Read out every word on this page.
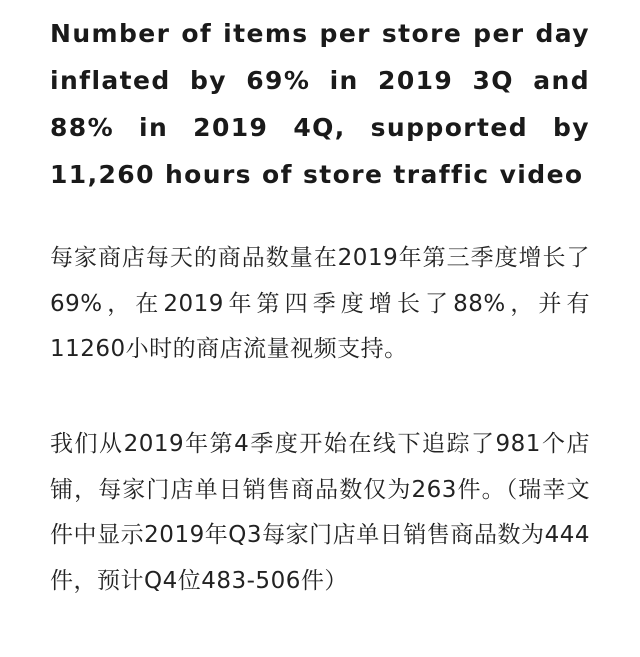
Number of items per store per day inflated by 69% in 2019 3Q and 88% in 2019 4Q, supported by 11,260 hours of store traffic video

每家商店每天的商品数量在2019年第三季度增长了69%，在2019年第四季度增长了88%，并有11260小时的商店流量视频支持。

我们从2019年第4季度开始在线下追踪了981个店铺，每家门店单日销售商品数仅为263件。（瑞幸文件中显示2019年Q3每家门店单日销售商品数为444件，预计Q4位483-506件）
